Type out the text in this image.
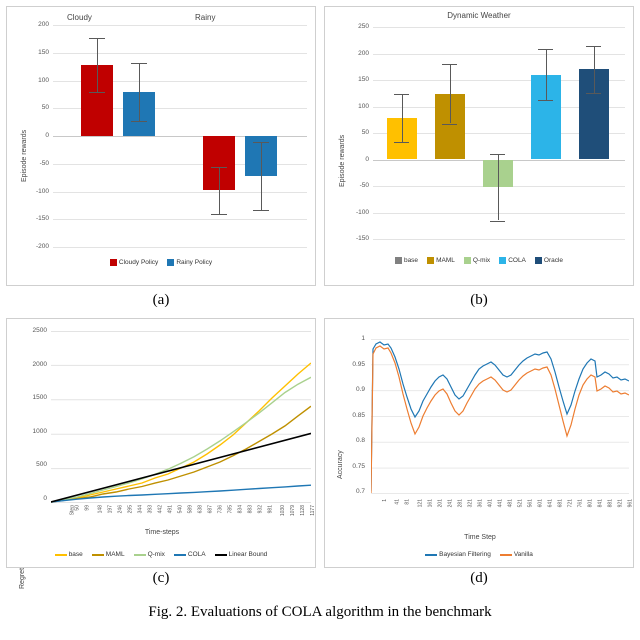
Cloudy	Rainy
Episode rewards
200
150
100
50
0
-50
-100
-150
-200
Cloudy Policy	Rainy Policy
(a)
Dynamic Weather
Episode rewards
250
200
150
100
50
0
-50
-100
-150
base	MAML	Q-mix	COLA	Oracle
(b)
Regret
Time-steps
2500
2000
1500
1000
500
0
Step 50 99 148 197 246 295 344 393 442 491 540 589 638 687 736 785 834 883 932 981 1030 1079 1128 1177
base	MAML	Q-mix	COLA	Linear Bound
(c)
Accuracy
Time Step
1
0.95
0.9
0.85
0.8
0.75
0.7
1 41 81 121 161 201 241 281 321 361 401 441 481 521 561 601 641 681 721 761 801 841 881 921 961
Bayesian Filtering	Vanilla
(d)
Fig. 2. Evaluations of COLA algorithm in the benchmark
